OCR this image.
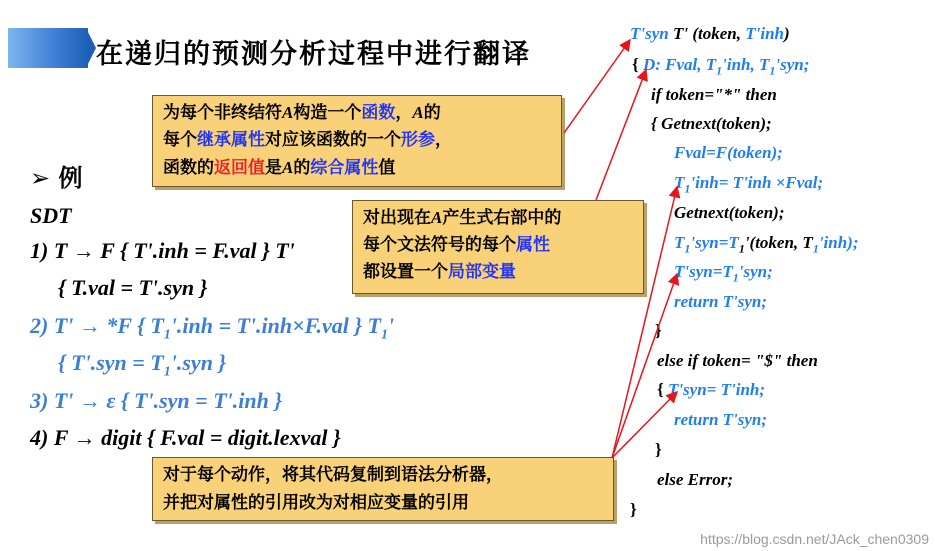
在递归的预测分析过程中进行翻译
➢ 例
SDT
1) T → F { T'.inh = F.val } T'
{ T.val = T'.syn }
2) T' → *F { $T_1'.inh = T'.inh\times F.val$ } $T_1'$
{ $T'.syn = T_1'.syn$ }
3) T' → ε { T'.syn = T'.inh }
4) F → digit { F.val = digit.lexval }
为每个非终结符A构造一个函数，A的
每个继承属性对应该函数的一个形参，
函数的返回值是A的综合属性值
对出现在A产生式右部中的
每个文法符号的每个属性
都设置一个局部变量
对于每个动作，将其代码复制到语法分析器，
并把对属性的引用改为对相应变量的引用
T'syn T' (token, T'inh)
{ D: Fval, $T_1'inh$, $T_1'syn$;
if token="*" then
{ Getnext(token);
Fval=F(token);
$T_1'inh= T'inh$ ×Fval;
Getnext(token);
$T_1'syn=T_1'(token$, $T_1'inh$);
$T'syn=T_1'syn$;
return T'syn;
}
else if token= "$" then
{ T'syn= T'inh;
return T'syn;
}
else Error;
}
https://blog.csdn.net/JAck_chen0309
